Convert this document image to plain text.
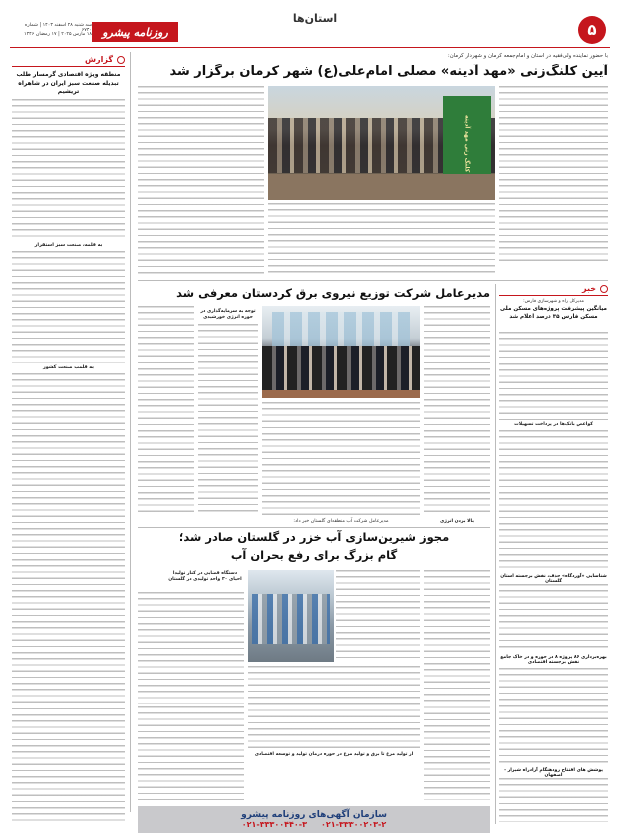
۵
استان‌ها
روزنامه پیشرو
سه شنبه ۲۸ اسفند ۱۴۰۳ | شماره ۶۷۴۰
۱۸ مارس ۲۰۲۵ | ۱۷ رمضان ۱۴۴۶
گزارش
منطقه ویژه اقتصادی گرمسار طلب تبدیله صنعت سبز ایران در شاهراه تریشیم
به قلمه، صنعت سبز استقرار
به قلمب صنعت کشور
با حضور نماینده ولی‌فقیه در استان و امام‌جمعه کرمان و شهردار کرمان:
آیین کلنگ‌زنی «مهد آدینه» مصلی امام‌علی(ع) شهر کرمان برگزار شد
کلنگ زنی مهد آدینه
خبر
مدیرکل راه و شهرسازی فارس:
میانگین پیشرفت پروژه‌های مسکن ملی مسکن فارس ۳۵ درصد اعلام شد
کواعص بانک‌ها در پرداخت تسهیلات
مدیرعامل شرکت توزیع نیروی برق کردستان معرفی شد
توجه به سرمایه‌گذاری در حوزه انرژی خورشیدی
بالا بردن انرژی
مدیرعامل شرکت آب منطقه‌ای گلستان خبر داد:
مجوز شیرین‌سازی آب خزر در گلستان صادر شد؛
گام بزرگ برای رفع بحران آب
دستگاه قضایی در کنار تولیدا احیای ۳۰ واحد تولیدی در گلستان
از تولید مرغ تا برق و تولید مرغ در حوزه درمان تولید و توسعه اقتصادی
شناسایی «آوردگاه» حذف، نقش برجسته استان گلستان
بهره‌برداری ۸۶ پروژه ۸ در حوزه و در خاک جامع نقش برجسته اقتصادی
پوشش های افتتاح زودهنگام آزادراه شیراز - اصفهان
سازمان آگهی‌های روزنامه پیشرو
۰۲۱-۳۳۳۰۰۴۴۰-۳ ۰۲۱-۳۳۳۰۰۲۰۳-۲
